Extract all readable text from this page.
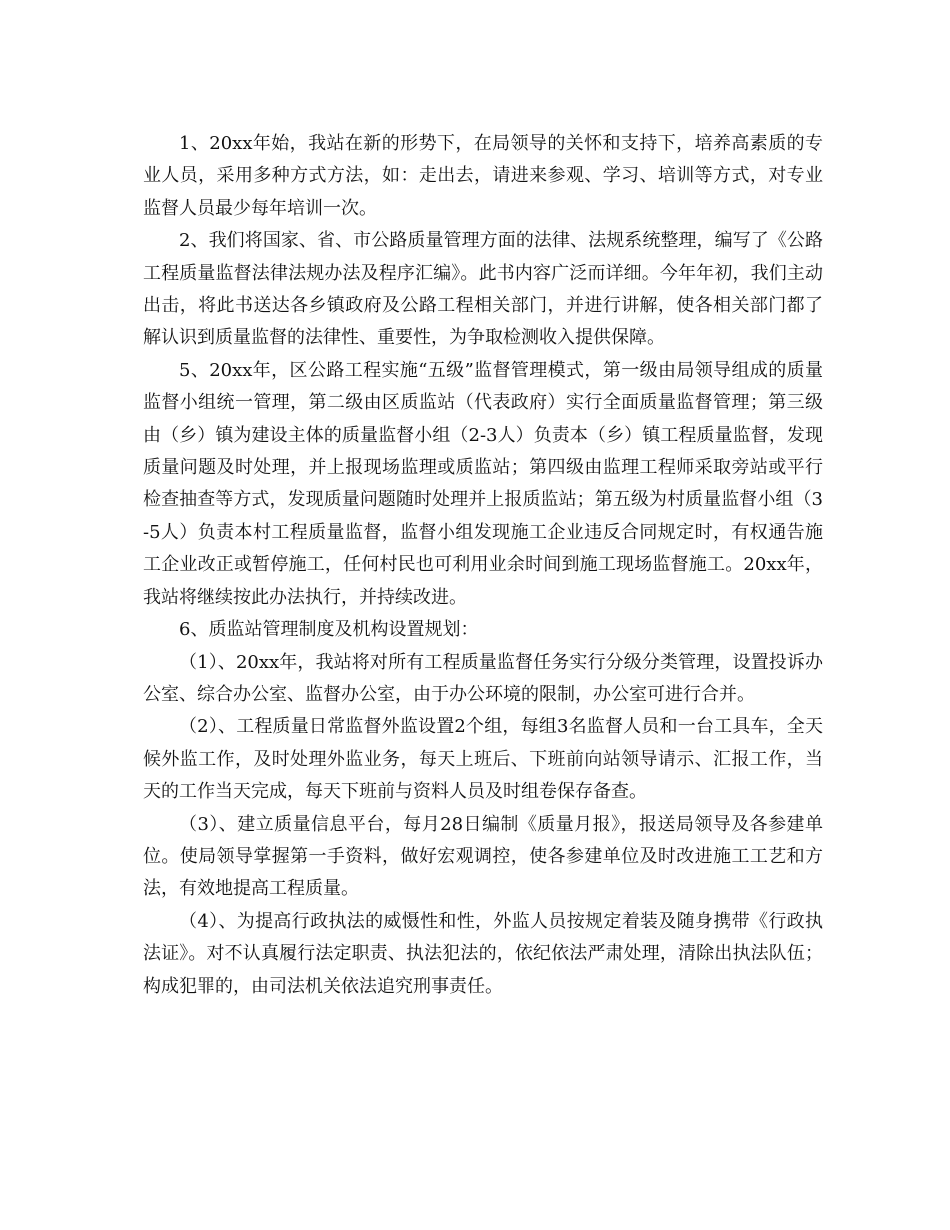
1、20xx年始，我站在新的形势下，在局领导的关怀和支持下，培养高素质的专业人员，采用多种方式方法，如：走出去，请进来参观、学习、培训等方式，对专业监督人员最少每年培训一次。

2、我们将国家、省、市公路质量管理方面的法律、法规系统整理，编写了《公路工程质量监督法律法规办法及程序汇编》。此书内容广泛而详细。今年年初，我们主动出击，将此书送达各乡镇政府及公路工程相关部门，并进行讲解，使各相关部门都了解认识到质量监督的法律性、重要性，为争取检测收入提供保障。

5、20xx年，区公路工程实施“五级”监督管理模式，第一级由局领导组成的质量监督小组统一管理，第二级由区质监站（代表政府）实行全面质量监督管理；第三级由（乡）镇为建设主体的质量监督小组（2-3人）负责本（乡）镇工程质量监督，发现质量问题及时处理，并上报现场监理或质监站；第四级由监理工程师采取旁站或平行检查抽查等方式，发现质量问题随时处理并上报质监站；第五级为村质量监督小组（3-5人）负责本村工程质量监督，监督小组发现施工企业违反合同规定时，有权通告施工企业改正或暂停施工，任何村民也可利用业余时间到施工现场监督施工。20xx年，我站将继续按此办法执行，并持续改进。

6、质监站管理制度及机构设置规划：

（1）、20xx年，我站将对所有工程质量监督任务实行分级分类管理，设置投诉办公室、综合办公室、监督办公室，由于办公环境的限制，办公室可进行合并。

（2）、工程质量日常监督外监设置2个组，每组3名监督人员和一台工具车，全天候外监工作，及时处理外监业务，每天上班后、下班前向站领导请示、汇报工作，当天的工作当天完成，每天下班前与资料人员及时组卷保存备查。

（3）、建立质量信息平台，每月28日编制《质量月报》，报送局领导及各参建单位。使局领导掌握第一手资料，做好宏观调控，使各参建单位及时改进施工工艺和方法，有效地提高工程质量。

（4）、为提高行政执法的威慑性和性，外监人员按规定着装及随身携带《行政执法证》。对不认真履行法定职责、执法犯法的，依纪依法严肃处理，清除出执法队伍；构成犯罪的，由司法机关依法追究刑事责任。
